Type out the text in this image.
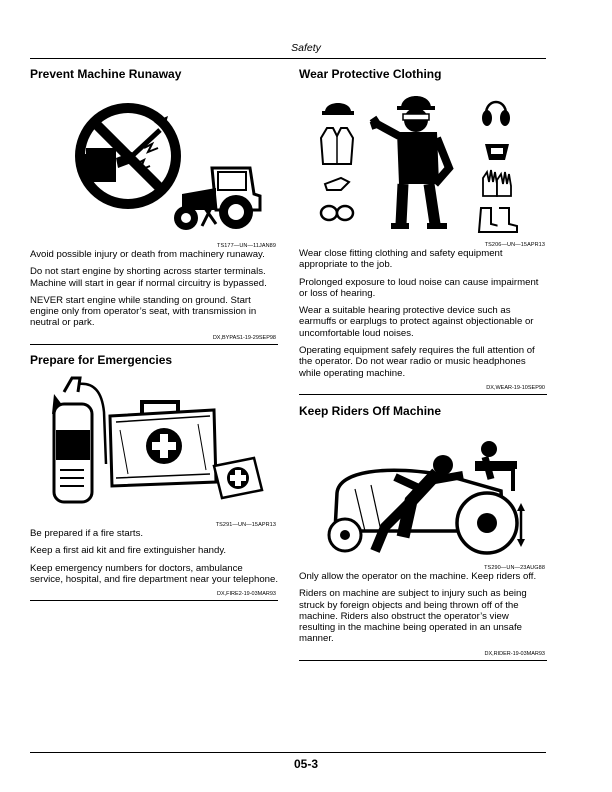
Safety
Prevent Machine Runaway
TS177—UN—11JAN89

Avoid possible injury or death from machinery runaway.

Do not start engine by shorting across starter terminals. Machine will start in gear if normal circuitry is bypassed.

NEVER start engine while standing on ground. Start engine only from operator’s seat, with transmission in neutral or park.

DX,BYPAS1-19-29SEP98
Prepare for Emergencies
TS291—UN—15APR13

Be prepared if a fire starts.

Keep a first aid kit and fire extinguisher handy.

Keep emergency numbers for doctors, ambulance service, hospital, and fire department near your telephone.

DX,FIRE2-19-03MAR93
Wear Protective Clothing
TS206—UN—15APR13

Wear close fitting clothing and safety equipment appropriate to the job.

Prolonged exposure to loud noise can cause impairment or loss of hearing.

Wear a suitable hearing protective device such as earmuffs or earplugs to protect against objectionable or uncomfortable loud noises.

Operating equipment safely requires the full attention of the operator. Do not wear radio or music headphones while operating machine.

DX,WEAR-19-10SEP90
Keep Riders Off Machine
TS290—UN—23AUG88

Only allow the operator on the machine. Keep riders off.

Riders on machine are subject to injury such as being struck by foreign objects and being thrown off of the machine. Riders also obstruct the operator’s view resulting in the machine being operated in an unsafe manner.

DX,RIDER-19-03MAR93
05-3
